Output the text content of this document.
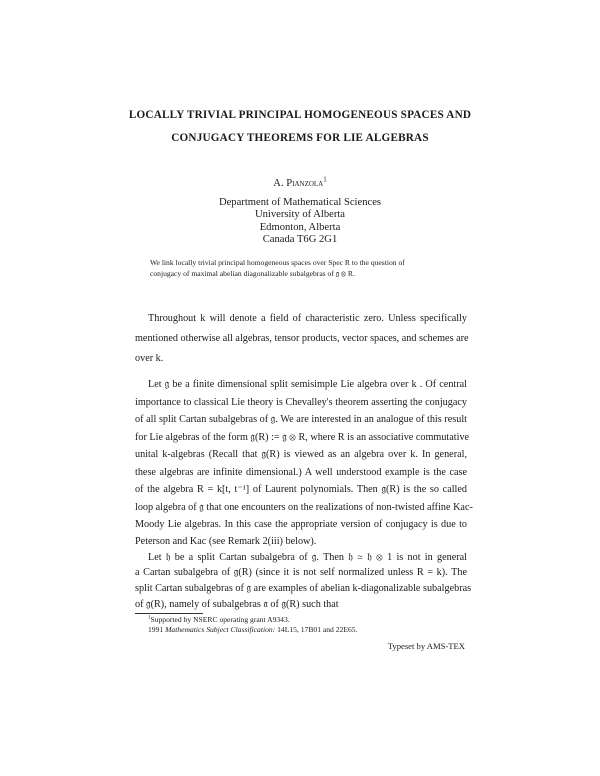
LOCALLY TRIVIAL PRINCIPAL HOMOGENEOUS SPACES AND
CONJUGACY THEOREMS FOR LIE ALGEBRAS
A. Pianzola$^1$
Department of Mathematical Sciences
University of Alberta
Edmonton, Alberta
Canada T6G 2G1
We link locally trivial principal homogeneous spaces over Spec R to the question of
conjugacy of maximal abelian diagonalizable subalgebras of 𝔤 ⊗ R.
Throughout k will denote a field of characteristic zero. Unless specifically
mentioned otherwise all algebras, tensor products, vector spaces, and schemes are
over k.
Let 𝔤 be a finite dimensional split semisimple Lie algebra over k . Of central
importance to classical Lie theory is Chevalley's theorem asserting the conjugacy
of all split Cartan subalgebras of 𝔤. We are interested in an analogue of this result
for Lie algebras of the form 𝔤(R) := 𝔤 ⊗ R, where R is an associative commutative
unital k-algebras (Recall that 𝔤(R) is viewed as an algebra over k. In general,
these algebras are infinite dimensional.) A well understood example is the case
of the algebra R = k[t, t⁻¹] of Laurent polynomials. Then 𝔤(R) is the so called
loop algebra of 𝔤 that one encounters on the realizations of non-twisted affine Kac-
Moody Lie algebras. In this case the appropriate version of conjugacy is due to
Peterson and Kac (see Remark 2(iii) below).
Let 𝔥 be a split Cartan subalgebra of 𝔤. Then 𝔥 ≃ 𝔥 ⊗ 1 is not in general
$^1$Supported by NSERC operating grant A9343.
1991 Mathematics Subject Classification: 14L15, 17B01 and 22E65.
Typeset by AMS-TEX
a Cartan subalgebra of 𝔤(R) (since it is not self normalized unless R = k). The
split Cartan subalgebras of 𝔤 are examples of abelian k-diagonalizable subalgebras
of 𝔤(R), namely of subalgebras 𝔞 of 𝔤(R) such that
